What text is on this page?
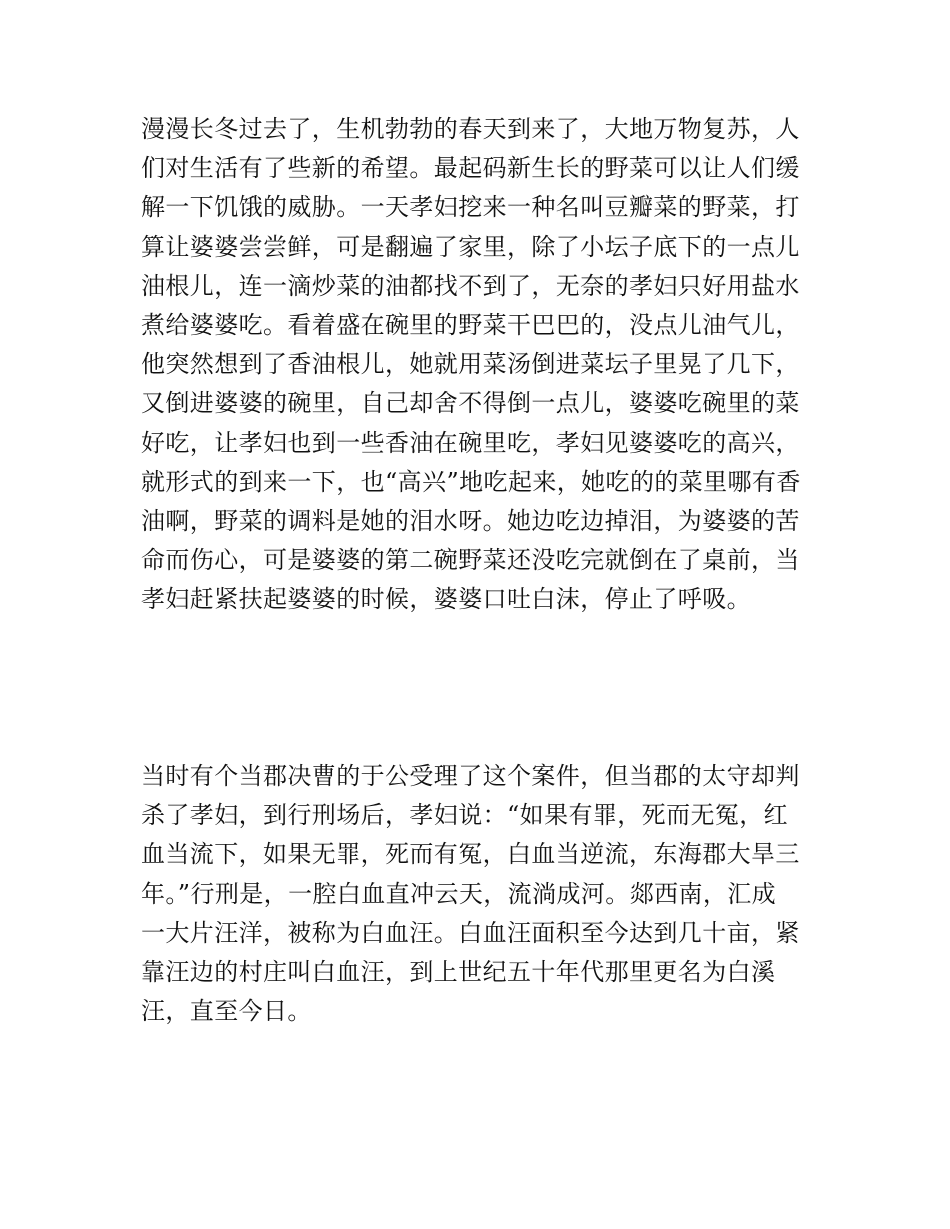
漫漫长冬过去了，生机勃勃的春天到来了，大地万物复苏，人
们对生活有了些新的希望。最起码新生长的野菜可以让人们缓
解一下饥饿的威胁。一天孝妇挖来一种名叫豆瓣菜的野菜，打
算让婆婆尝尝鲜，可是翻遍了家里，除了小坛子底下的一点儿
油根儿，连一滴炒菜的油都找不到了，无奈的孝妇只好用盐水
煮给婆婆吃。看着盛在碗里的野菜干巴巴的，没点儿油气儿，
他突然想到了香油根儿，她就用菜汤倒进菜坛子里晃了几下，
又倒进婆婆的碗里，自己却舍不得倒一点儿，婆婆吃碗里的菜
好吃，让孝妇也到一些香油在碗里吃，孝妇见婆婆吃的高兴，
就形式的到来一下，也“高兴”地吃起来，她吃的的菜里哪有香
油啊，野菜的调料是她的泪水呀。她边吃边掉泪，为婆婆的苦
命而伤心，可是婆婆的第二碗野菜还没吃完就倒在了桌前，当
孝妇赶紧扶起婆婆的时候，婆婆口吐白沫，停止了呼吸。
当时有个当郡决曹的于公受理了这个案件，但当郡的太守却判
杀了孝妇，到行刑场后，孝妇说：“如果有罪，死而无冤，红
血当流下，如果无罪，死而有冤，白血当逆流，东海郡大旱三
年。”行刑是，一腔白血直冲云天，流淌成河。郯西南，汇成
一大片汪洋，被称为白血汪。白血汪面积至今达到几十亩，紧
靠汪边的村庄叫白血汪，到上世纪五十年代那里更名为白溪
汪，直至今日。
